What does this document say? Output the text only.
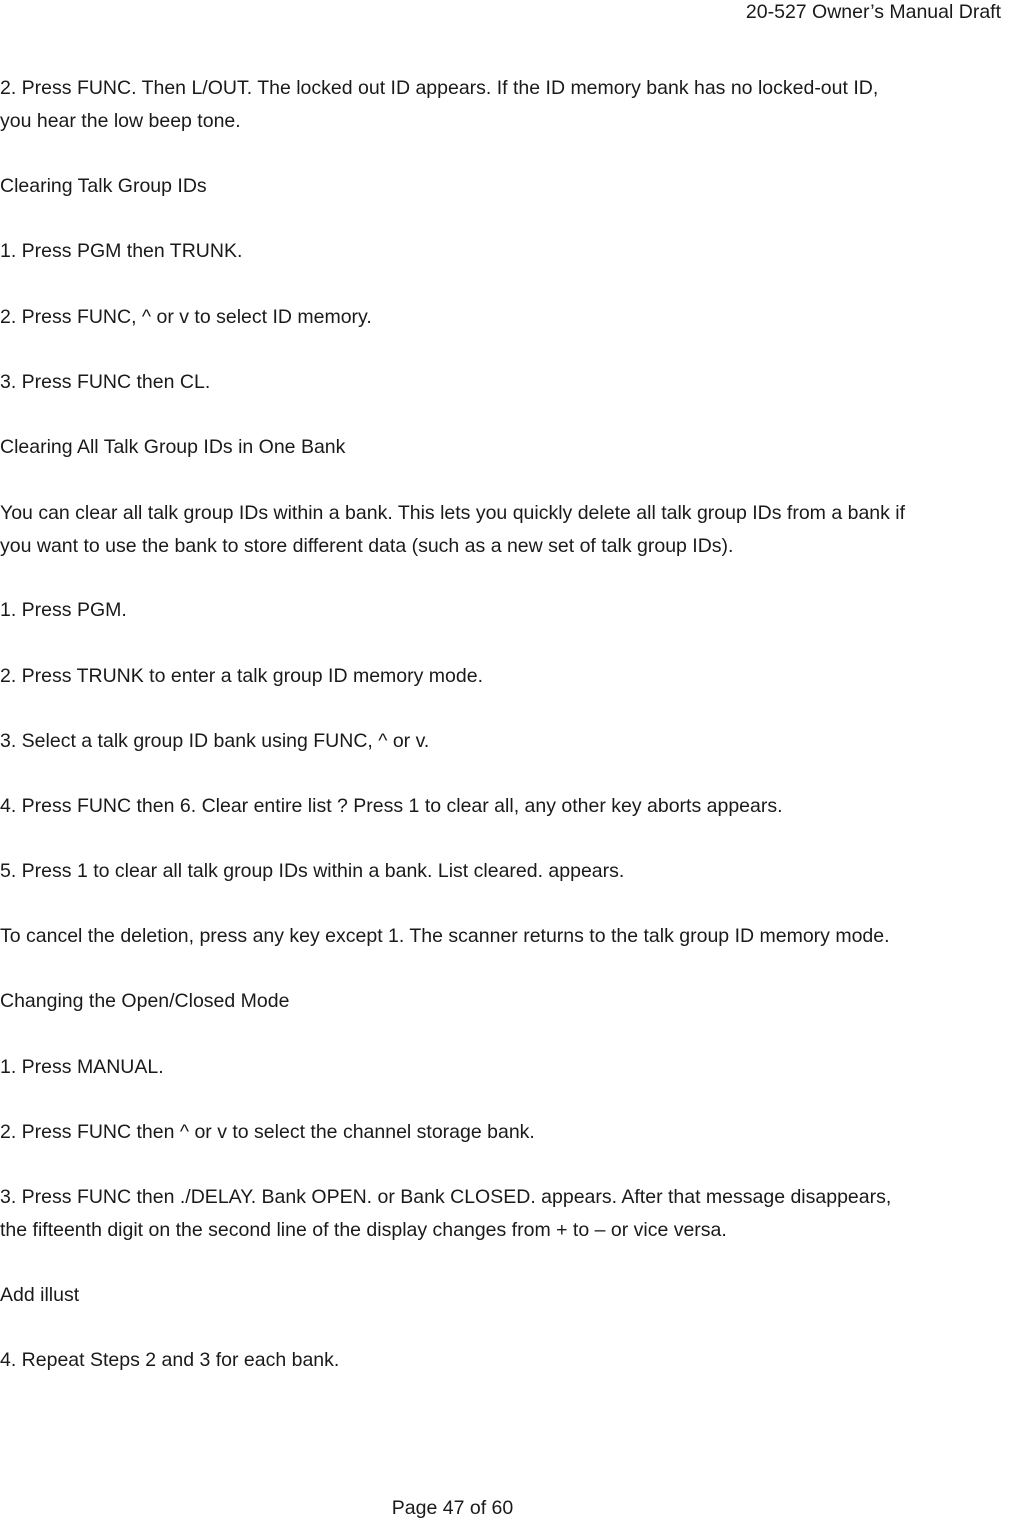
20-527 Owner’s Manual Draft
2. Press FUNC. Then L/OUT. The locked out ID appears. If the ID memory bank has no locked-out ID,
you hear the low beep tone.
Clearing Talk Group IDs
1. Press PGM then TRUNK.
2. Press FUNC, ^ or v to select ID memory.
3. Press FUNC then CL.
Clearing All Talk Group IDs in One Bank
You can clear all talk group IDs within a bank. This lets you quickly delete all talk group IDs from a bank if
you want to use the bank to store different data (such as a new set of talk group IDs).
1. Press PGM.
2. Press TRUNK to enter a talk group ID memory mode.
3. Select a talk group ID bank using FUNC, ^ or v.
4. Press FUNC then 6. Clear entire list ? Press 1 to clear all, any other key aborts appears.
5. Press 1 to clear all talk group IDs within a bank. List cleared. appears.
To cancel the deletion, press any key except 1. The scanner returns to the talk group ID memory mode.
Changing the Open/Closed Mode
1. Press MANUAL.
2. Press FUNC then ^ or v to select the channel storage bank.
3. Press FUNC then ./DELAY. Bank OPEN. or Bank CLOSED. appears. After that message disappears,
the fifteenth digit on the second line of the display changes from + to – or vice versa.
Add illust
4. Repeat Steps 2 and 3 for each bank.
Page 47 of 60
